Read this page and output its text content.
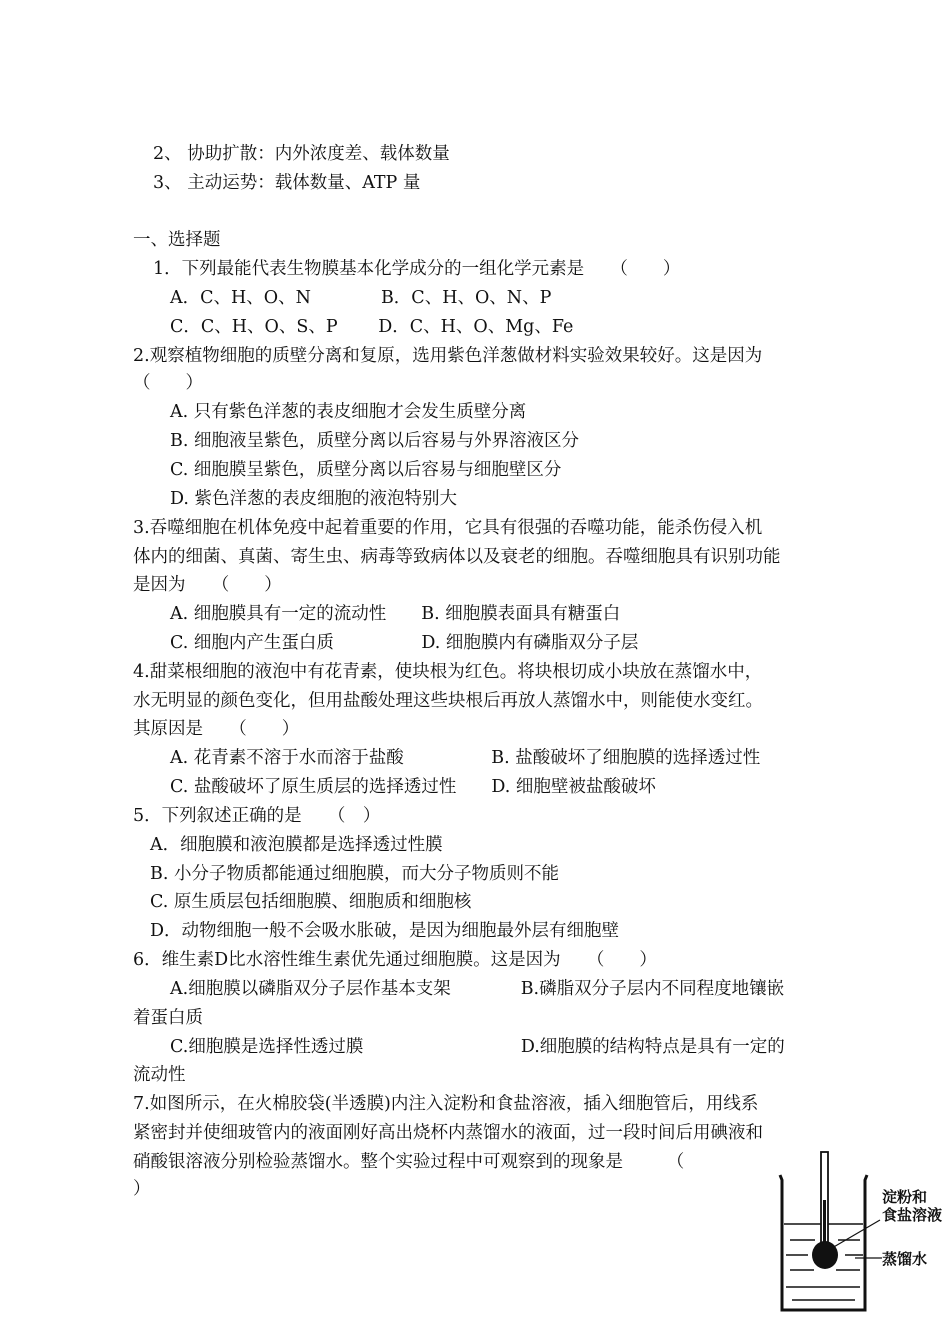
2、 协助扩散：内外浓度差、载体数量
3、 主动运势：载体数量、ATP 量
一、选择题
1．下列最能代表生物膜基本化学成分的一组化学元素是　　（　　）
A．C、H、O、N　　　　B．C、H、O、N、P
C．C、H、O、S、P　　 D．C、H、O、Mg、Fe
2.观察植物细胞的质壁分离和复原，选用紫色洋葱做材料实验效果较好。这是因为
（　　）
A. 只有紫色洋葱的表皮细胞才会发生质壁分离
B. 细胞液呈紫色，质壁分离以后容易与外界溶液区分
C. 细胞膜呈紫色，质壁分离以后容易与细胞壁区分
D. 紫色洋葱的表皮细胞的液泡特别大
3.吞噬细胞在机体免疫中起着重要的作用，它具有很强的吞噬功能，能杀伤侵入机
体内的细菌、真菌、寄生虫、病毒等致病体以及衰老的细胞。吞噬细胞具有识别功能
是因为　　（　　）
A. 细胞膜具有一定的流动性　　B. 细胞膜表面具有糖蛋白
C. 细胞内产生蛋白质　　　　　D. 细胞膜内有磷脂双分子层
4.甜菜根细胞的液泡中有花青素，使块根为红色。将块根切成小块放在蒸馏水中，
水无明显的颜色变化，但用盐酸处理这些块根后再放人蒸馏水中，则能使水变红。
其原因是　　（　　）
A. 花青素不溶于水而溶于盐酸　　　　　B. 盐酸破坏了细胞膜的选择透过性
C. 盐酸破坏了原生质层的选择透过性　　D. 细胞壁被盐酸破坏
5．下列叙述正确的是　　（　）
A．细胞膜和液泡膜都是选择透过性膜
B. 小分子物质都能通过细胞膜，而大分子物质则不能
C. 原生质层包括细胞膜、细胞质和细胞核
D．动物细胞一般不会吸水胀破，是因为细胞最外层有细胞壁
6．维生素D比水溶性维生素优先通过细胞膜。这是因为　　（　　）
A.细胞膜以磷脂双分子层作基本支架　　　　B.磷脂双分子层内不同程度地镶嵌
着蛋白质
C.细胞膜是选择性透过膜　　　　　　　　　D.细胞膜的结构特点是具有一定的
流动性
7.如图所示，在火棉胶袋(半透膜)内注入淀粉和食盐溶液，插入细胞管后，用线系
紧密封并使细玻管内的液面刚好高出烧杯内蒸馏水的液面，过一段时间后用碘液和
硝酸银溶液分别检验蒸馏水。整个实验过程中可观察到的现象是　　　（
）	淀粉和
食盐溶液
蒸馏水
